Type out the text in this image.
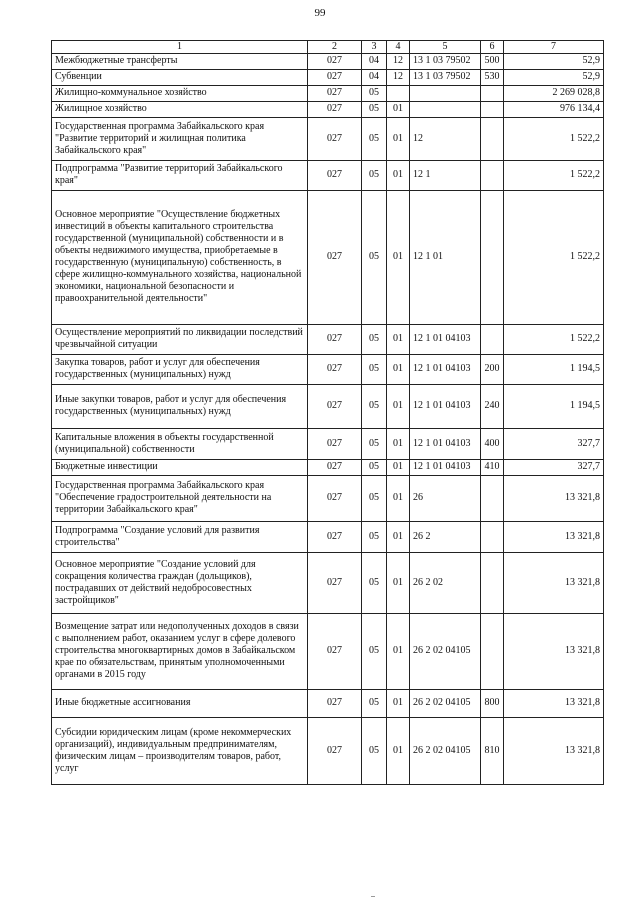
99
1	2	3	4	5	6	7
Межбюджетные трансферты	027	04	12	13 1 03 79502	500	52,9
Субвенции	027	04	12	13 1 03 79502	530	52,9
Жилищно-коммунальное хозяйство	027	05				2 269 028,8
Жилищное хозяйство	027	05	01			976 134,4
Государственная программа Забайкальского края "Развитие территорий и жилищная политика Забайкальского края"	027	05	01	12		1 522,2
Подпрограмма "Развитие территорий Забайкальского края"	027	05	01	12 1		1 522,2
Основное мероприятие "Осуществление бюджетных инвестиций в объекты капитального строительства государственной (муниципальной) собственности и в объекты недвижимого имущества, приобретаемые в государственную (муниципальную) собственность, в сфере жилищно-коммунального хозяйства, национальной экономики, национальной безопасности и правоохранительной деятельности"	027	05	01	12 1 01		1 522,2
Осуществление мероприятий по ликвидации последствий чрезвычайной ситуации	027	05	01	12 1 01 04103		1 522,2
Закупка товаров, работ и услуг для обеспечения государственных (муниципальных) нужд	027	05	01	12 1 01 04103	200	1 194,5
Иные закупки товаров, работ и услуг для обеспечения государственных (муниципальных) нужд	027	05	01	12 1 01 04103	240	1 194,5
Капитальные вложения в объекты государственной (муниципальной) собственности	027	05	01	12 1 01 04103	400	327,7
Бюджетные инвестиции	027	05	01	12 1 01 04103	410	327,7
Государственная программа Забайкальского края "Обеспечение градостроительной деятельности на территории Забайкальского края"	027	05	01	26		13 321,8
Подпрограмма "Создание условий для развития строительства"	027	05	01	26 2		13 321,8
Основное мероприятие "Создание условий для сокращения количества граждан (дольщиков), пострадавших от действий недобросовестных застройщиков"	027	05	01	26 2 02		13 321,8
Возмещение затрат или недополученных доходов в связи с выполнением работ, оказанием услуг в сфере долевого строительства многоквартирных домов в Забайкальском крае по обязательствам, принятым уполномоченными органами в 2015 году	027	05	01	26 2 02 04105		13 321,8
Иные бюджетные ассигнования	027	05	01	26 2 02 04105	800	13 321,8
Субсидии юридическим лицам (кроме некоммерческих организаций), индивидуальным предпринимателям, физическим лицам – производителям товаров, работ, услуг	027	05	01	26 2 02 04105	810	13 321,8
